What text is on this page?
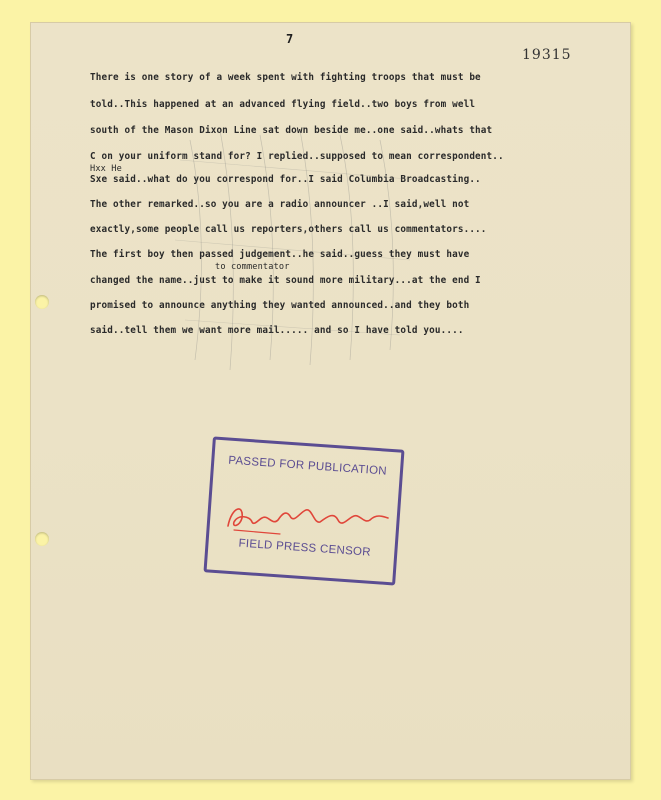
7
19315
There is one story of a week spent with fighting troops that must be
told..This happened at an advanced flying field..two boys from well
south of the Mason Dixon Line sat down beside me..one said..whats that
C on your uniform stand for? I replied..supposed to mean correspondent..
Hxx He
Sxe said..what do you correspond for..I said Columbia Broadcasting..
The other remarked..so you are a radio announcer ..I said,well not
exactly,some people call us reporters,others call us commentators....
The first boy then passed judgement..he said..guess they must have
to commentator
changed the name..just to make it sound more military...at the end I
promised to announce anything they wanted announced..and they both
said..tell them we want more mail..... and so I have told you....
PASSED FOR PUBLICATION
FIELD PRESS CENSOR
